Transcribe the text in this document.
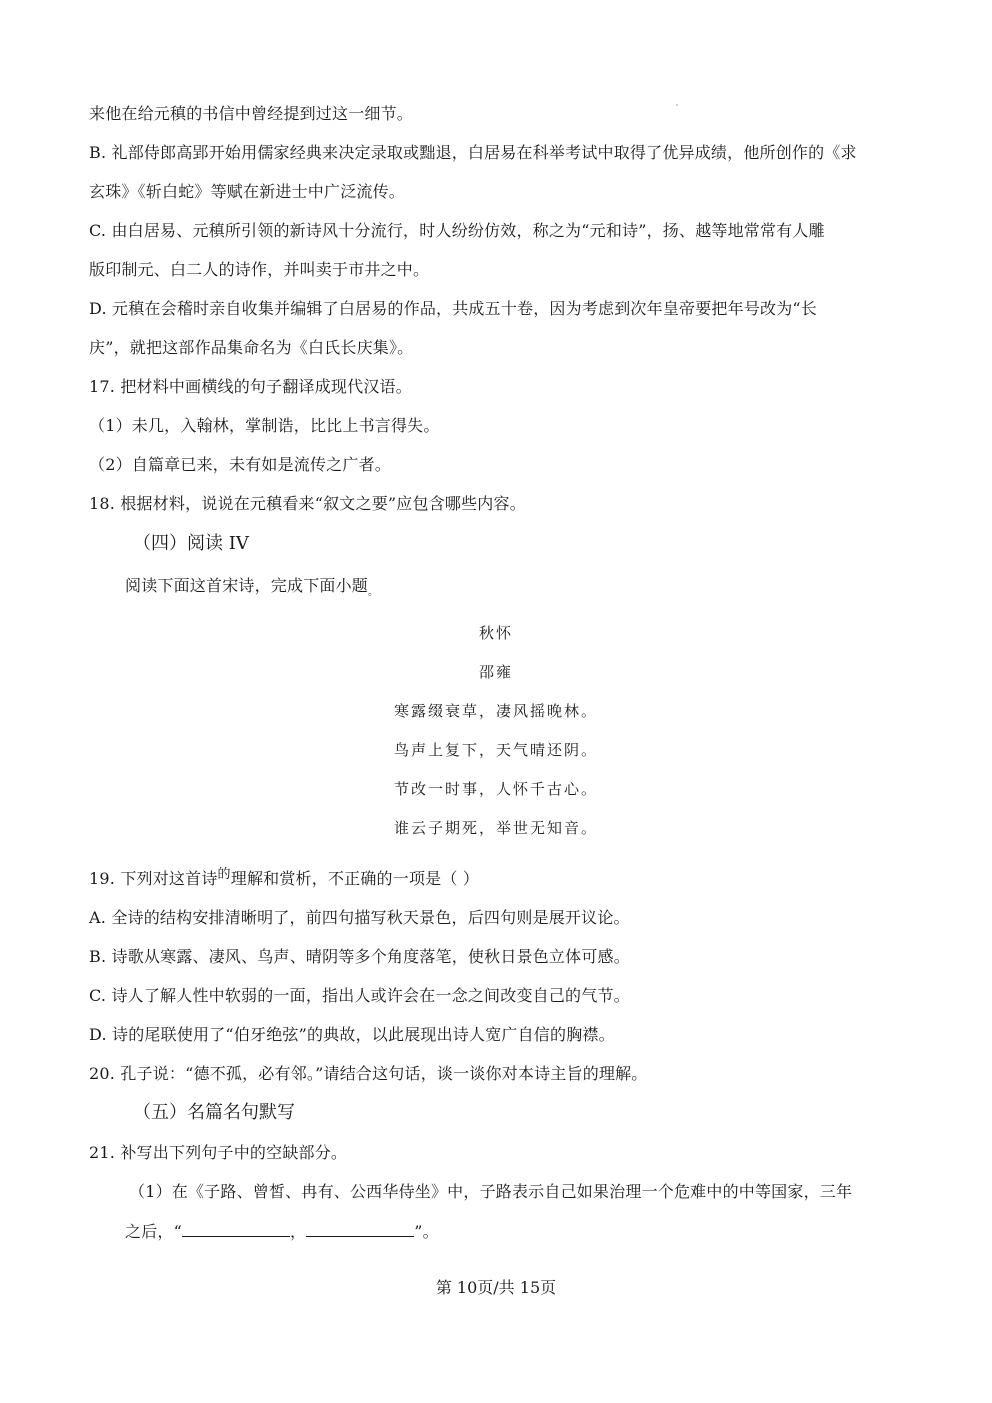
来他在给元稹的书信中曾经提到过这一细节。
B. 礼部侍郎高郢开始用儒家经典来决定录取或黜退，白居易在科举考试中取得了优异成绩，他所创作的《求
玄珠》《斩白蛇》等赋在新进士中广泛流传。
C. 由白居易、元稹所引领的新诗风十分流行，时人纷纷仿效，称之为“元和诗”，扬、越等地常常有人雕
版印制元、白二人的诗作，并叫卖于市井之中。
D. 元稹在会稽时亲自收集并编辑了白居易的作品，共成五十卷，因为考虑到次年皇帝要把年号改为“长
庆”，就把这部作品集命名为《白氏长庆集》。
17. 把材料中画横线的句子翻译成现代汉语。
（1）未几，入翰林，掌制诰，比比上书言得失。
（2）自篇章已来，未有如是流传之广者。
18. 根据材料，说说在元稹看来“叙文之要”应包含哪些内容。
（四）阅读 IV
阅读下面这首宋诗，完成下面小题$_。$
秋怀
邵雍
寒露缀衰草，凄风摇晚林。
鸟声上复下，天气晴还阴。
节改一时事，人怀千古心。
谁云子期死，举世无知音。
19. 下列对这首诗$^的$理解和赏析，不正确的一项是（ ）
A. 全诗的结构安排清晰明了，前四句描写秋天景色，后四句则是展开议论。
B. 诗歌从寒露、凄风、鸟声、晴阴等多个角度落笔，使秋日景色立体可感。
C. 诗人了解人性中软弱的一面，指出人或许会在一念之间改变自己的气节。
D. 诗的尾联使用了“伯牙绝弦”的典故，以此展现出诗人宽广自信的胸襟。
20. 孔子说：“德不孤，必有邻。”请结合这句话，谈一谈你对本诗主旨的理解。
（五）名篇名句默写
21. 补写出下列句子中的空缺部分。
（1）在《子路、曾皙、冉有、公西华侍坐》中，子路表示自己如果治理一个危难中的中等国家，三年
之后，“	，	”。
第 10页/共 15页
